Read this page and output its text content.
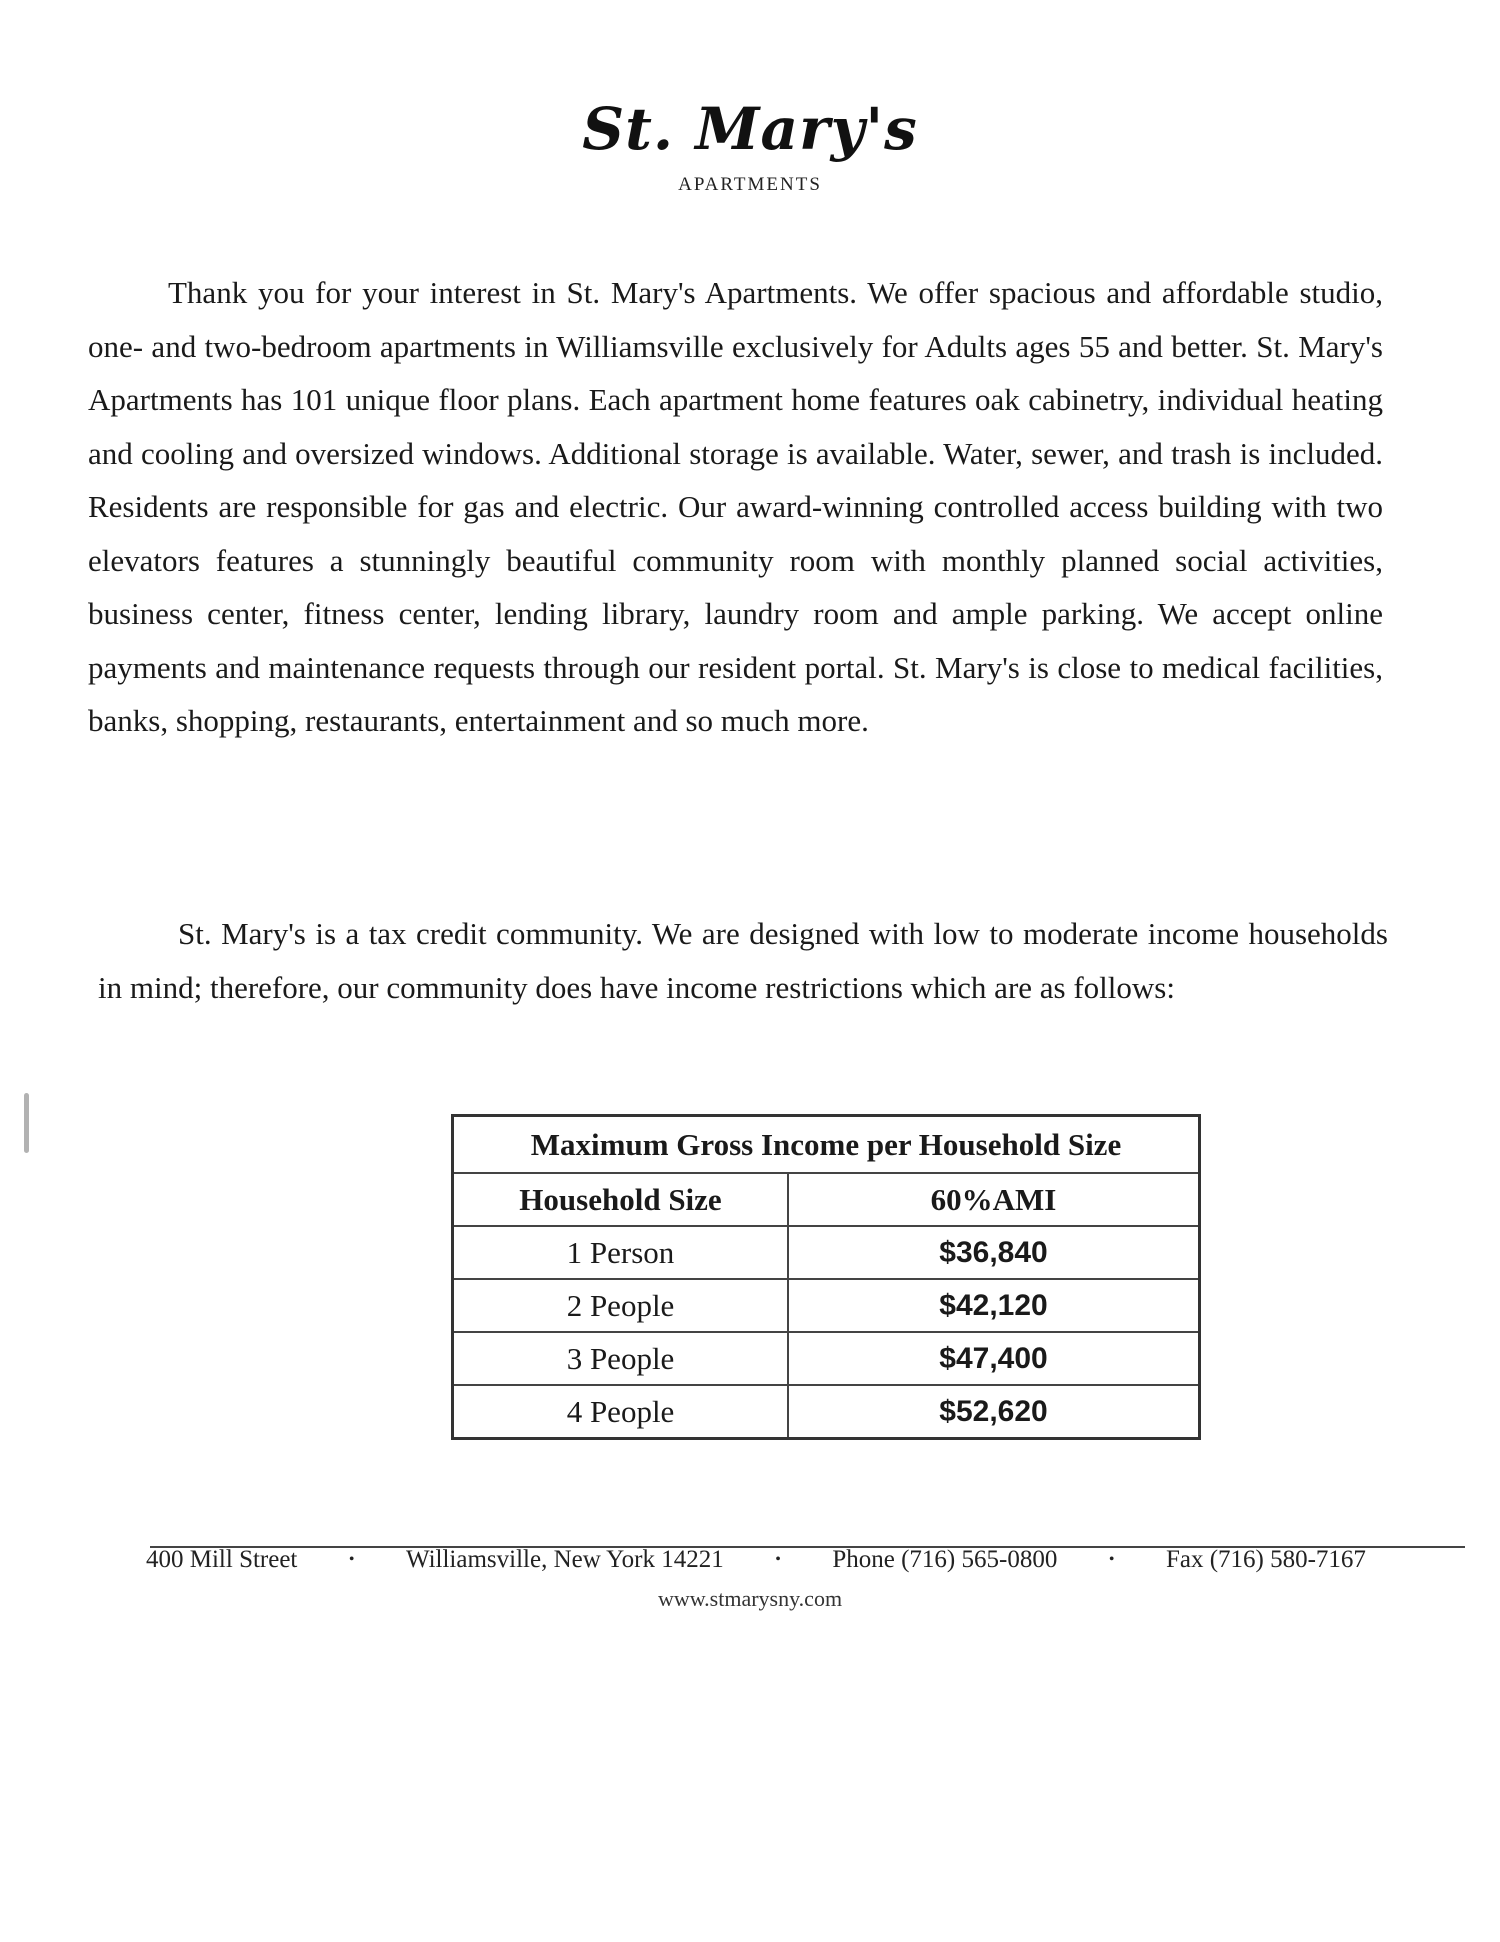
St. Mary's
APARTMENTS

Thank you for your interest in St. Mary's Apartments. We offer spacious and affordable studio, one- and two-bedroom apartments in Williamsville exclusively for Adults ages 55 and better. St. Mary's Apartments has 101 unique floor plans. Each apartment home features oak cabinetry, individual heating and cooling and oversized windows. Additional storage is available. Water, sewer, and trash is included. Residents are responsible for gas and electric. Our award-winning controlled access building with two elevators features a stunningly beautiful community room with monthly planned social activities, business center, fitness center, lending library, laundry room and ample parking. We accept online payments and maintenance requests through our resident portal. St. Mary's is close to medical facilities, banks, shopping, restaurants, entertainment and so much more.

St. Mary's is a tax credit community. We are designed with low to moderate income households in mind; therefore, our community does have income restrictions which are as follows:

Maximum Gross Income per Household Size	
Household Size	60%AMI
1 Person	$36,840
2 People	$42,120
3 People	$47,400
4 People	$52,620
400 Mill Street	• Williamsville, New York 14221	• Phone (716) 565-0800	• Fax (716) 580-7167
www.stmarysny.com
